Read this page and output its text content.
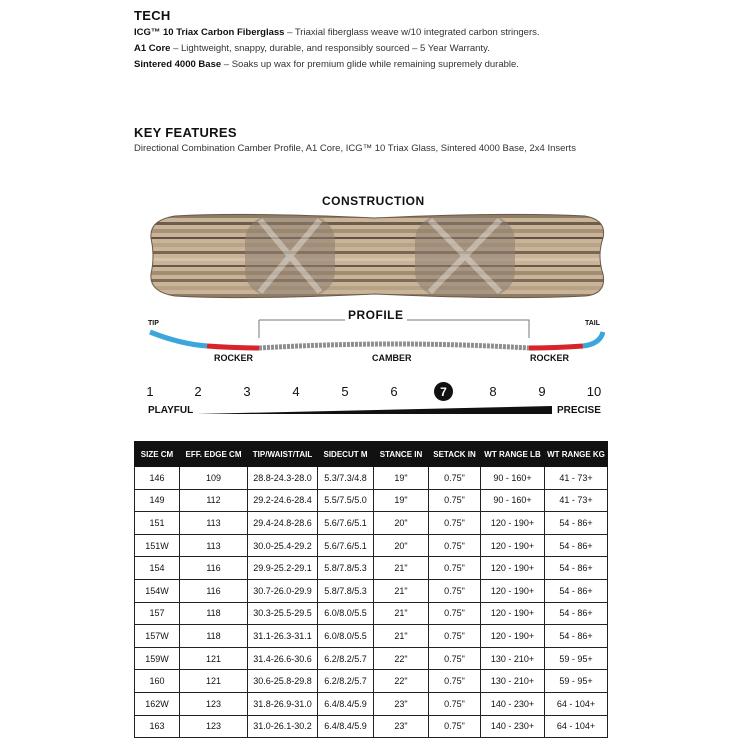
TECH
ICG™ 10 Triax Carbon Fiberglass – Triaxial fiberglass weave w/10 integrated carbon stringers.
A1 Core – Lightweight, snappy, durable, and responsibly sourced – 5 Year Warranty.
Sintered 4000 Base – Soaks up wax for premium glide while remaining supremely durable.
KEY FEATURES
Directional Combination Camber Profile, A1 Core, ICG™ 10 Triax Glass, Sintered 4000 Base, 2x4 Inserts
CONSTRUCTION
PROFILE
TIP	TAIL
ROCKER	CAMBER	ROCKER
1	2	3	4	5	6	7	8	9	10
PLAYFUL	PRECISE
SIZE CM	EFF. EDGE CM	TIP/WAIST/TAIL	SIDECUT M	STANCE IN	SETACK IN	WT RANGE LB	WT RANGE KG
146	109	28.8-24.3-28.0	5.3/7.3/4.8	19"	0.75"	90 - 160+	41 - 73+
149	112	29.2-24.6-28.4	5.5/7.5/5.0	19"	0.75"	90 - 160+	41 - 73+
151	113	29.4-24.8-28.6	5.6/7.6/5.1	20"	0.75"	120 - 190+	54 - 86+
151W	113	30.0-25.4-29.2	5.6/7.6/5.1	20"	0.75"	120 - 190+	54 - 86+
154	116	29.9-25.2-29.1	5.8/7.8/5.3	21"	0.75"	120 - 190+	54 - 86+
154W	116	30.7-26.0-29.9	5.8/7.8/5.3	21"	0.75"	120 - 190+	54 - 86+
157	118	30.3-25.5-29.5	6.0/8.0/5.5	21"	0.75"	120 - 190+	54 - 86+
157W	118	31.1-26.3-31.1	6.0/8.0/5.5	21"	0.75"	120 - 190+	54 - 86+
159W	121	31.4-26.6-30.6	6.2/8.2/5.7	22"	0.75"	130 - 210+	59 - 95+
160	121	30.6-25.8-29.8	6.2/8.2/5.7	22"	0.75"	130 - 210+	59 - 95+
162W	123	31.8-26.9-31.0	6.4/8.4/5.9	23"	0.75"	140 - 230+	64 - 104+
163	123	31.0-26.1-30.2	6.4/8.4/5.9	23"	0.75"	140 - 230+	64 - 104+
